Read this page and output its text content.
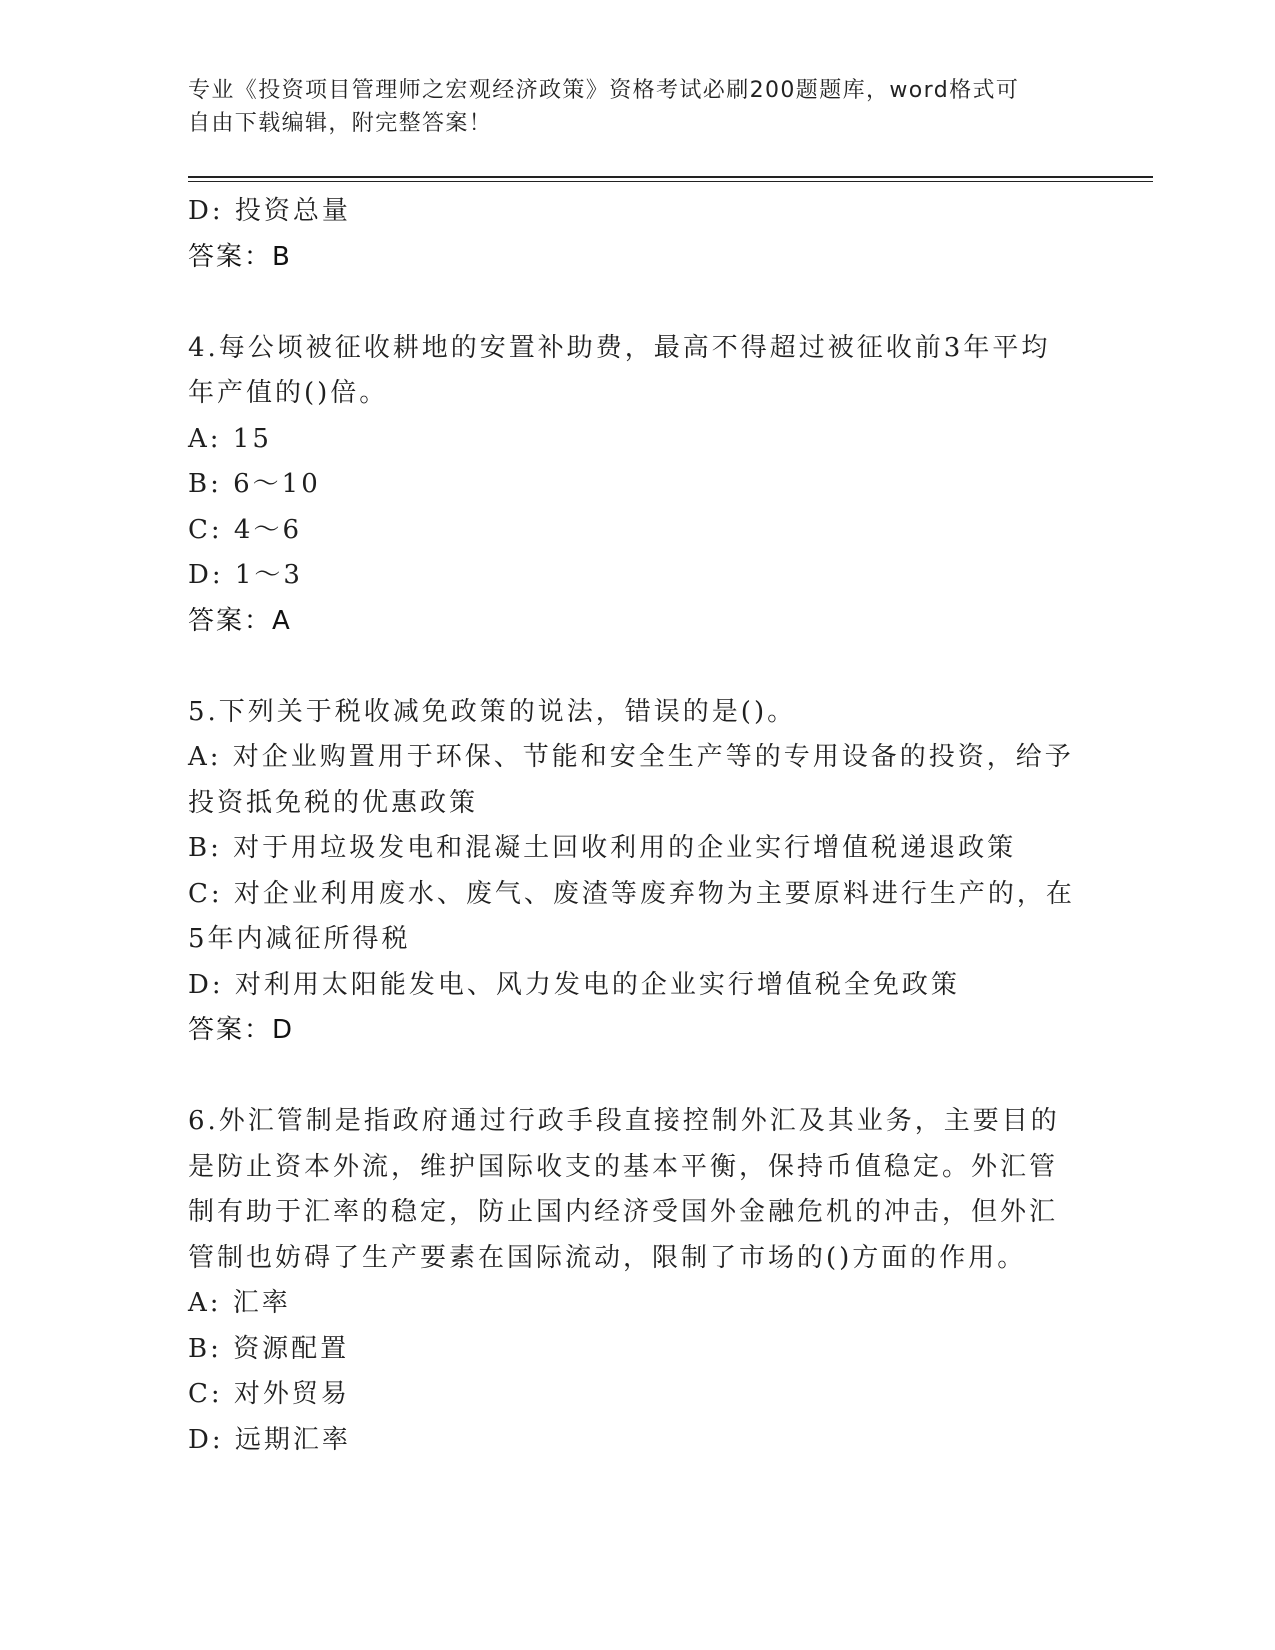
专业《投资项目管理师之宏观经济政策》资格考试必刷200题题库，word格式可
自由下载编辑，附完整答案！
D: 投资总量
答案：B
4.每公顷被征收耕地的安置补助费，最高不得超过被征收前3年平均
年产值的()倍。
A: 15
B: 6～10
C: 4～6
D: 1～3
答案：A
5.下列关于税收减免政策的说法，错误的是()。
A: 对企业购置用于环保、节能和安全生产等的专用设备的投资，给予
投资抵免税的优惠政策
B: 对于用垃圾发电和混凝土回收利用的企业实行增值税递退政策
C: 对企业利用废水、废气、废渣等废弃物为主要原料进行生产的，在
5年内减征所得税
D: 对利用太阳能发电、风力发电的企业实行增值税全免政策
答案：D
6.外汇管制是指政府通过行政手段直接控制外汇及其业务，主要目的
是防止资本外流，维护国际收支的基本平衡，保持币值稳定。外汇管
制有助于汇率的稳定，防止国内经济受国外金融危机的冲击，但外汇
管制也妨碍了生产要素在国际流动，限制了市场的()方面的作用。
A: 汇率
B: 资源配置
C: 对外贸易
D: 远期汇率
